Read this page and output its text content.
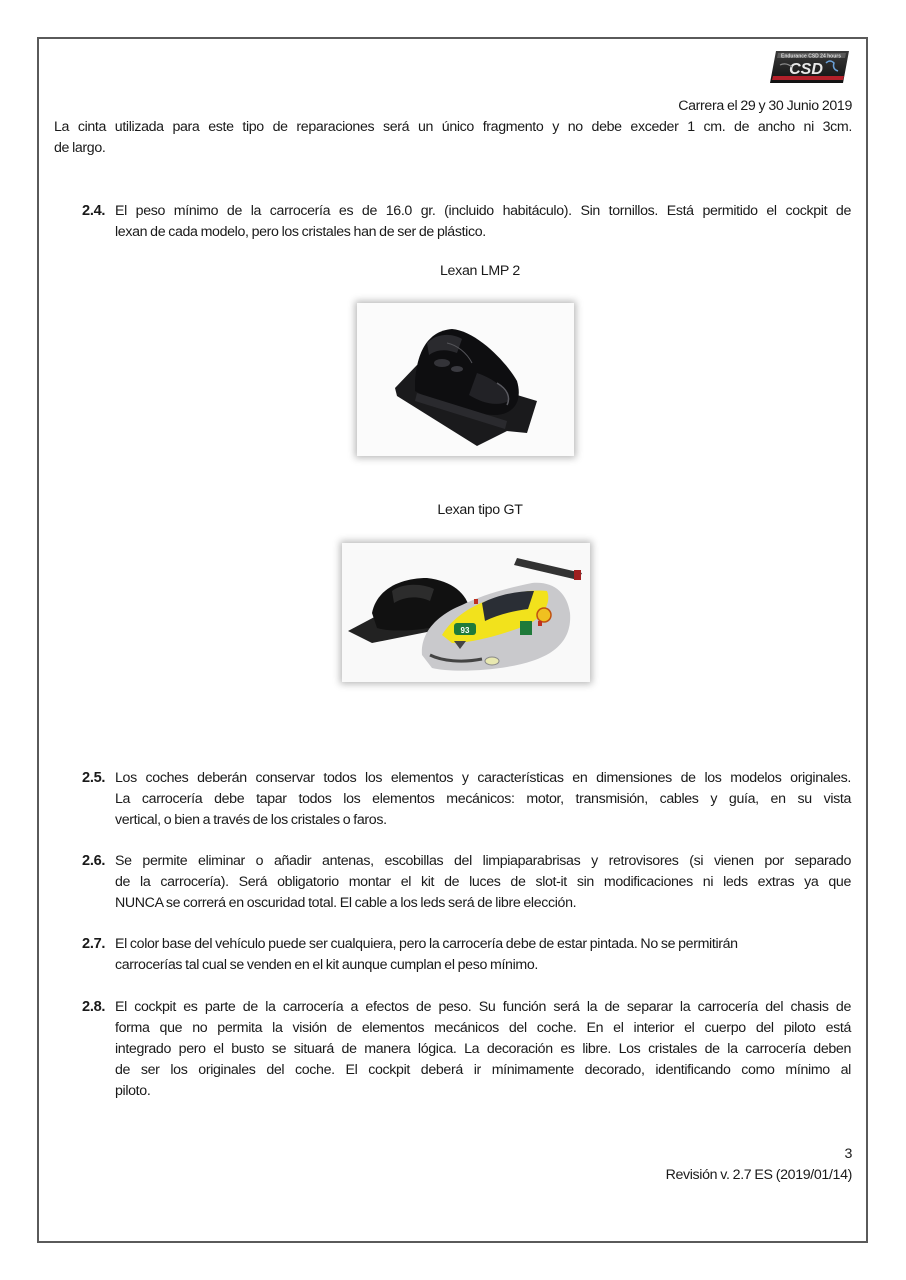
Endurance CSD 24 hours
CSD
Carrera el 29 y 30 Junio 2019
La cinta utilizada para este tipo de reparaciones será un único fragmento y no debe exceder 1 cm. de ancho ni 3cm.
de largo.
2.4. El peso mínimo de la carrocería es de 16.0 gr. (incluido habitáculo). Sin tornillos. Está permitido el cockpit de
lexan de cada modelo, pero los cristales han de ser de plástico.
Lexan LMP 2
Lexan tipo GT
93
2.5. Los coches deberán conservar todos los elementos y características en dimensiones de los modelos originales.
La carrocería debe tapar todos los elementos mecánicos: motor, transmisión, cables y guía, en su vista
vertical, o bien a través de los cristales o faros.
2.6. Se permite eliminar o añadir antenas, escobillas del limpiaparabrisas y retrovisores (si vienen por separado
de la carrocería). Será obligatorio montar el kit de luces de slot-it sin modificaciones ni leds extras ya que
NUNCA se correrá en oscuridad total. El cable a los leds será de libre elección.
2.7. El color base del vehículo puede ser cualquiera, pero la carrocería debe de estar pintada. No se permitirán
carrocerías tal cual se venden en el kit aunque cumplan el peso mínimo.
2.8. El cockpit es parte de la carrocería a efectos de peso. Su función será la de separar la carrocería del chasis de
forma que no permita la visión de elementos mecánicos del coche. En el interior el cuerpo del piloto está
integrado pero el busto se situará de manera lógica. La decoración es libre. Los cristales de la carrocería deben
de ser los originales del coche. El cockpit deberá ir mínimamente decorado, identificando como mínimo al
piloto.
3
Revisión v. 2.7 ES (2019/01/14)
